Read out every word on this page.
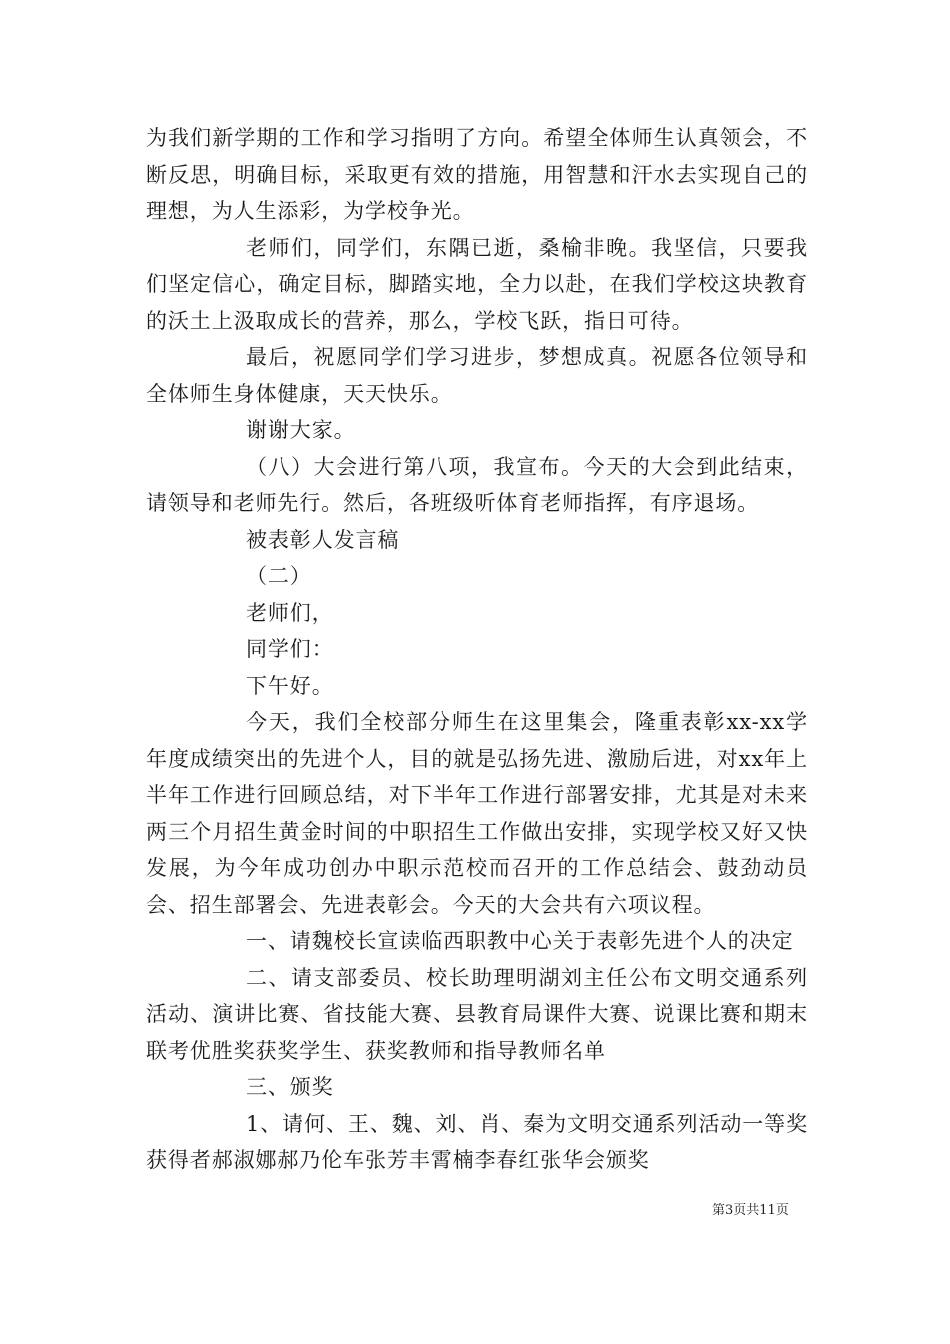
为我们新学期的工作和学习指明了方向。希望全体师生认真领会，不断反思，明确目标，采取更有效的措施，用智慧和汗水去实现自己的理想，为人生添彩，为学校争光。

老师们，同学们，东隅已逝，桑榆非晚。我坚信，只要我们坚定信心，确定目标，脚踏实地，全力以赴，在我们学校这块教育的沃土上汲取成长的营养，那么，学校飞跃，指日可待。

最后，祝愿同学们学习进步，梦想成真。祝愿各位领导和全体师生身体健康，天天快乐。

谢谢大家。

（八）大会进行第八项，我宣布。今天的大会到此结束，请领导和老师先行。然后，各班级听体育老师指挥，有序退场。

被表彰人发言稿

（二）

老师们，

同学们：

下午好。

今天，我们全校部分师生在这里集会，隆重表彰xx-xx学年度成绩突出的先进个人，目的就是弘扬先进、激励后进，对xx年上半年工作进行回顾总结，对下半年工作进行部署安排，尤其是对未来两三个月招生黄金时间的中职招生工作做出安排，实现学校又好又快发展，为今年成功创办中职示范校而召开的工作总结会、鼓劲动员会、招生部署会、先进表彰会。今天的大会共有六项议程。

一、请魏校长宣读临西职教中心关于表彰先进个人的决定

二、请支部委员、校长助理明湖刘主任公布文明交通系列活动、演讲比赛、省技能大赛、县教育局课件大赛、说课比赛和期末联考优胜奖获奖学生、获奖教师和指导教师名单

三、颁奖

1、请何、王、魏、刘、肖、秦为文明交通系列活动一等奖获得者郝淑娜郝乃伦车张芳丰霄楠李春红张华会颁奖

第3页共11页
